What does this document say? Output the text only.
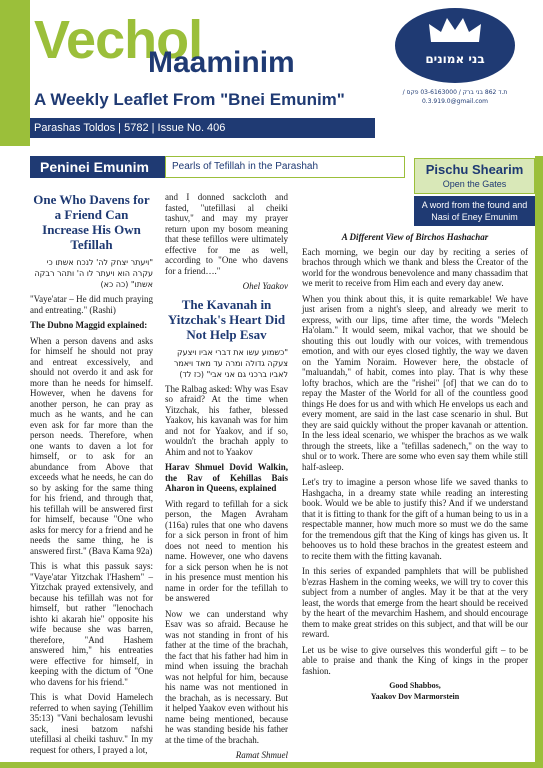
Vechol
Maaminim
A Weekly Leaflet From "Bnei Emunim"
Parashas Toldos | 5782 | Issue No. 406
בני אמונים
ת.ד 862 בני ברק / 03-6163000 פקס / 0.3.919.0@gmail.com
Peninei Emunim	Pearls of Tefillah in the Parashah	Pischu Shearim
Open the Gates
A word from the found and Nasi of Eney Emunim
One Who Davens for a Friend Can Increase His Own Tefillah
"ויעתר יצחק לה' לנכח אשתו כי עקרה הוא ויעתר לו ה' ותהר רבקה אשתו" (כה כא)
"Vaye'atar – He did much praying and entreating." (Rashi)
The Dubno Maggid explained:
When a person davens and asks for himself he should not pray and entreat excessively, and should not overdo it and ask for more than he needs for himself. However, when he davens for another person, he can pray as much as he wants, and he can even ask for far more than the person needs. Therefore, when one wants to daven a lot for himself, or to ask for an abundance from Above that exceeds what he needs, he can do so by asking for the same thing for his friend, and through that, his tefillah will be answered first for himself, because "One who asks for mercy for a friend and he needs the same thing, he is answered first." (Bava Kama 92a)
This is what this passuk says: "Vaye'atar Yitzchak l'Hashem" – Yitzchak prayed extensively, and because his tefillah was not for himself, but rather "lenochach ishto ki akarah hie" opposite his wife because she was barren, therefore, "And Hashem answered him," his entreaties were effective for himself, in keeping with the dictum of "One who davens for his friend."
This is what Dovid Hamelech referred to when saying (Tehillim 35:13) "Vani bechalosam levushi sack, inesi batzom nafshi utefillasi al cheiki tashuv." In my request for others, I prayed a lot,
and I donned sackcloth and fasted, "utefillasi al cheiki tashuv," and may my prayer return upon my bosom meaning that these tefillos were ultimately effective for me as well, according to "One who davens for a friend…."
Ohel Yaakov
The Kavanah in Yitzchak's Heart Did Not Help Esav
"כשמוע עשו את דברי אביו ויצעק צעקה גדולה ומרה עד מאד ויאמר לאביו ברכני גם אני אבי" (כז לד)
The Ralbag asked: Why was Esav so afraid? At the time when Yitzchak, his father, blessed Yaakov, his kavanah was for him and not for Yaakov, and if so, wouldn't the brachah apply to Ahim and not to Yaakov
Harav Shmuel Dovid Walkin, the Rav of Kehillas Bais Aharon in Queens, explained
With regard to tefillah for a sick person, the Magen Avraham (116a) rules that one who davens for a sick person in front of him does not need to mention his name. However, one who davens for a sick person when he is not in his presence must mention his name in order for the tefillah to be answered
Now we can understand why Esav was so afraid. Because he was not standing in front of his father at the time of the brachah, the fact that his father had him in mind when issuing the brachah was not helpful for him, because his name was not mentioned in the brachah, as is necessary. But it helped Yaakov even without his name being mentioned, because he was standing beside his father at the time of the brachah.
Ramat Shmuel
A Different View of Birchos Hashachar
Each morning, we begin our day by reciting a series of brachos through which we thank and bless the Creator of the world for the wondrous benevolence and many chassadim that we merit to receive from Him each and every day anew.
When you think about this, it is quite remarkable! We have just arisen from a night's sleep, and already we merit to express, with our lips, time after time, the words "Melech Ha'olam." It would seem, mikal vachor, that we should be shouting this out loudly with our voices, with tremendous emotion, and with our eyes closed tightly, the way we daven on the Yamim Noraim. However here, the obstacle of "maluandah," of habit, comes into play. That is why these lofty brachos, which are the "rishei" [of] that we can do to repay the Master of the World for all of the countless good things He does for us and with which He envelops us each and every moment, are said in the last case scenario in shul. But they are said quickly without the proper kavanah or attention. In the less ideal scenario, we whisper the brachos as we walk through the streets, like a "tefillas sadenech," on the way to shul or to work. There are some who even say them while still half-asleep.
Let's try to imagine a person whose life we saved thanks to Hashgacha, in a dreamy state while reading an interesting book. Would we be able to justify this? And if we understand that it is fitting to thank for the gift of a human being to us in a respectable manner, how much more so must we do the same for the tremendous gift that the King of kings has given us. It behooves us to hold these brachos in the greatest esteem and to recite them with the fitting kavanah.
In this series of expanded pamphlets that will be published b'ezras Hashem in the coming weeks, we will try to cover this subject from a number of angles. May it be that at the very least, the words that emerge from the heart should be received by the heart of the mevarchim Hashem, and should encourage them to make great strides on this subject, and that will be our reward.
Let us be wise to give ourselves this wonderful gift – to be able to praise and thank the King of kings in the proper fashion.
Good Shabbos,
Yaakov Dov Marmorstein
